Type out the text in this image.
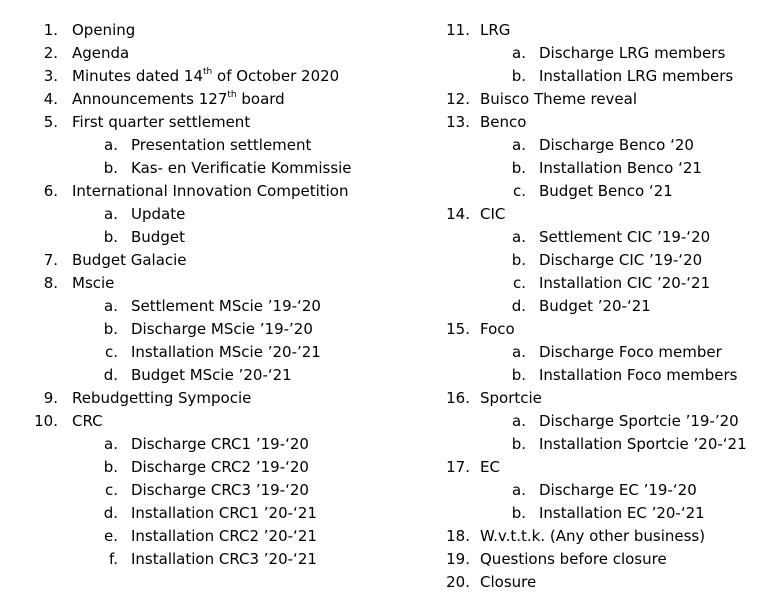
1. Opening
2. Agenda
3. Minutes dated 14th of October 2020
4. Announcements 127th board
5. First quarter settlement
a. Presentation settlement
b. Kas- en Verificatie Kommissie
6. International Innovation Competition
a. Update
b. Budget
7. Budget Galacie
8. Mscie
a. Settlement MScie ’19-‘20
b. Discharge MScie ’19-’20
c. Installation MScie ’20-’21
d. Budget MScie ’20-‘21
9. Rebudgetting Sympocie
10. CRC
a. Discharge CRC1 ’19-‘20
b. Discharge CRC2 ’19-‘20
c. Discharge CRC3 ’19-‘20
d. Installation CRC1 ’20-‘21
e. Installation CRC2 ’20-‘21
f. Installation CRC3 ’20-‘21
11. LRG
a. Discharge LRG members
b. Installation LRG members
12. Buisco Theme reveal
13. Benco
a. Discharge Benco ‘20
b. Installation Benco ‘21
c. Budget Benco ‘21
14. CIC
a. Settlement CIC ’19-‘20
b. Discharge CIC ’19-‘20
c. Installation CIC ’20-‘21
d. Budget ’20-‘21
15. Foco
a. Discharge Foco member
b. Installation Foco members
16. Sportcie
a. Discharge Sportcie ’19-’20
b. Installation Sportcie ’20-‘21
17. EC
a. Discharge EC ’19-‘20
b. Installation EC ’20-‘21
18. W.v.t.t.k. (Any other business)
19. Questions before closure
20. Closure
